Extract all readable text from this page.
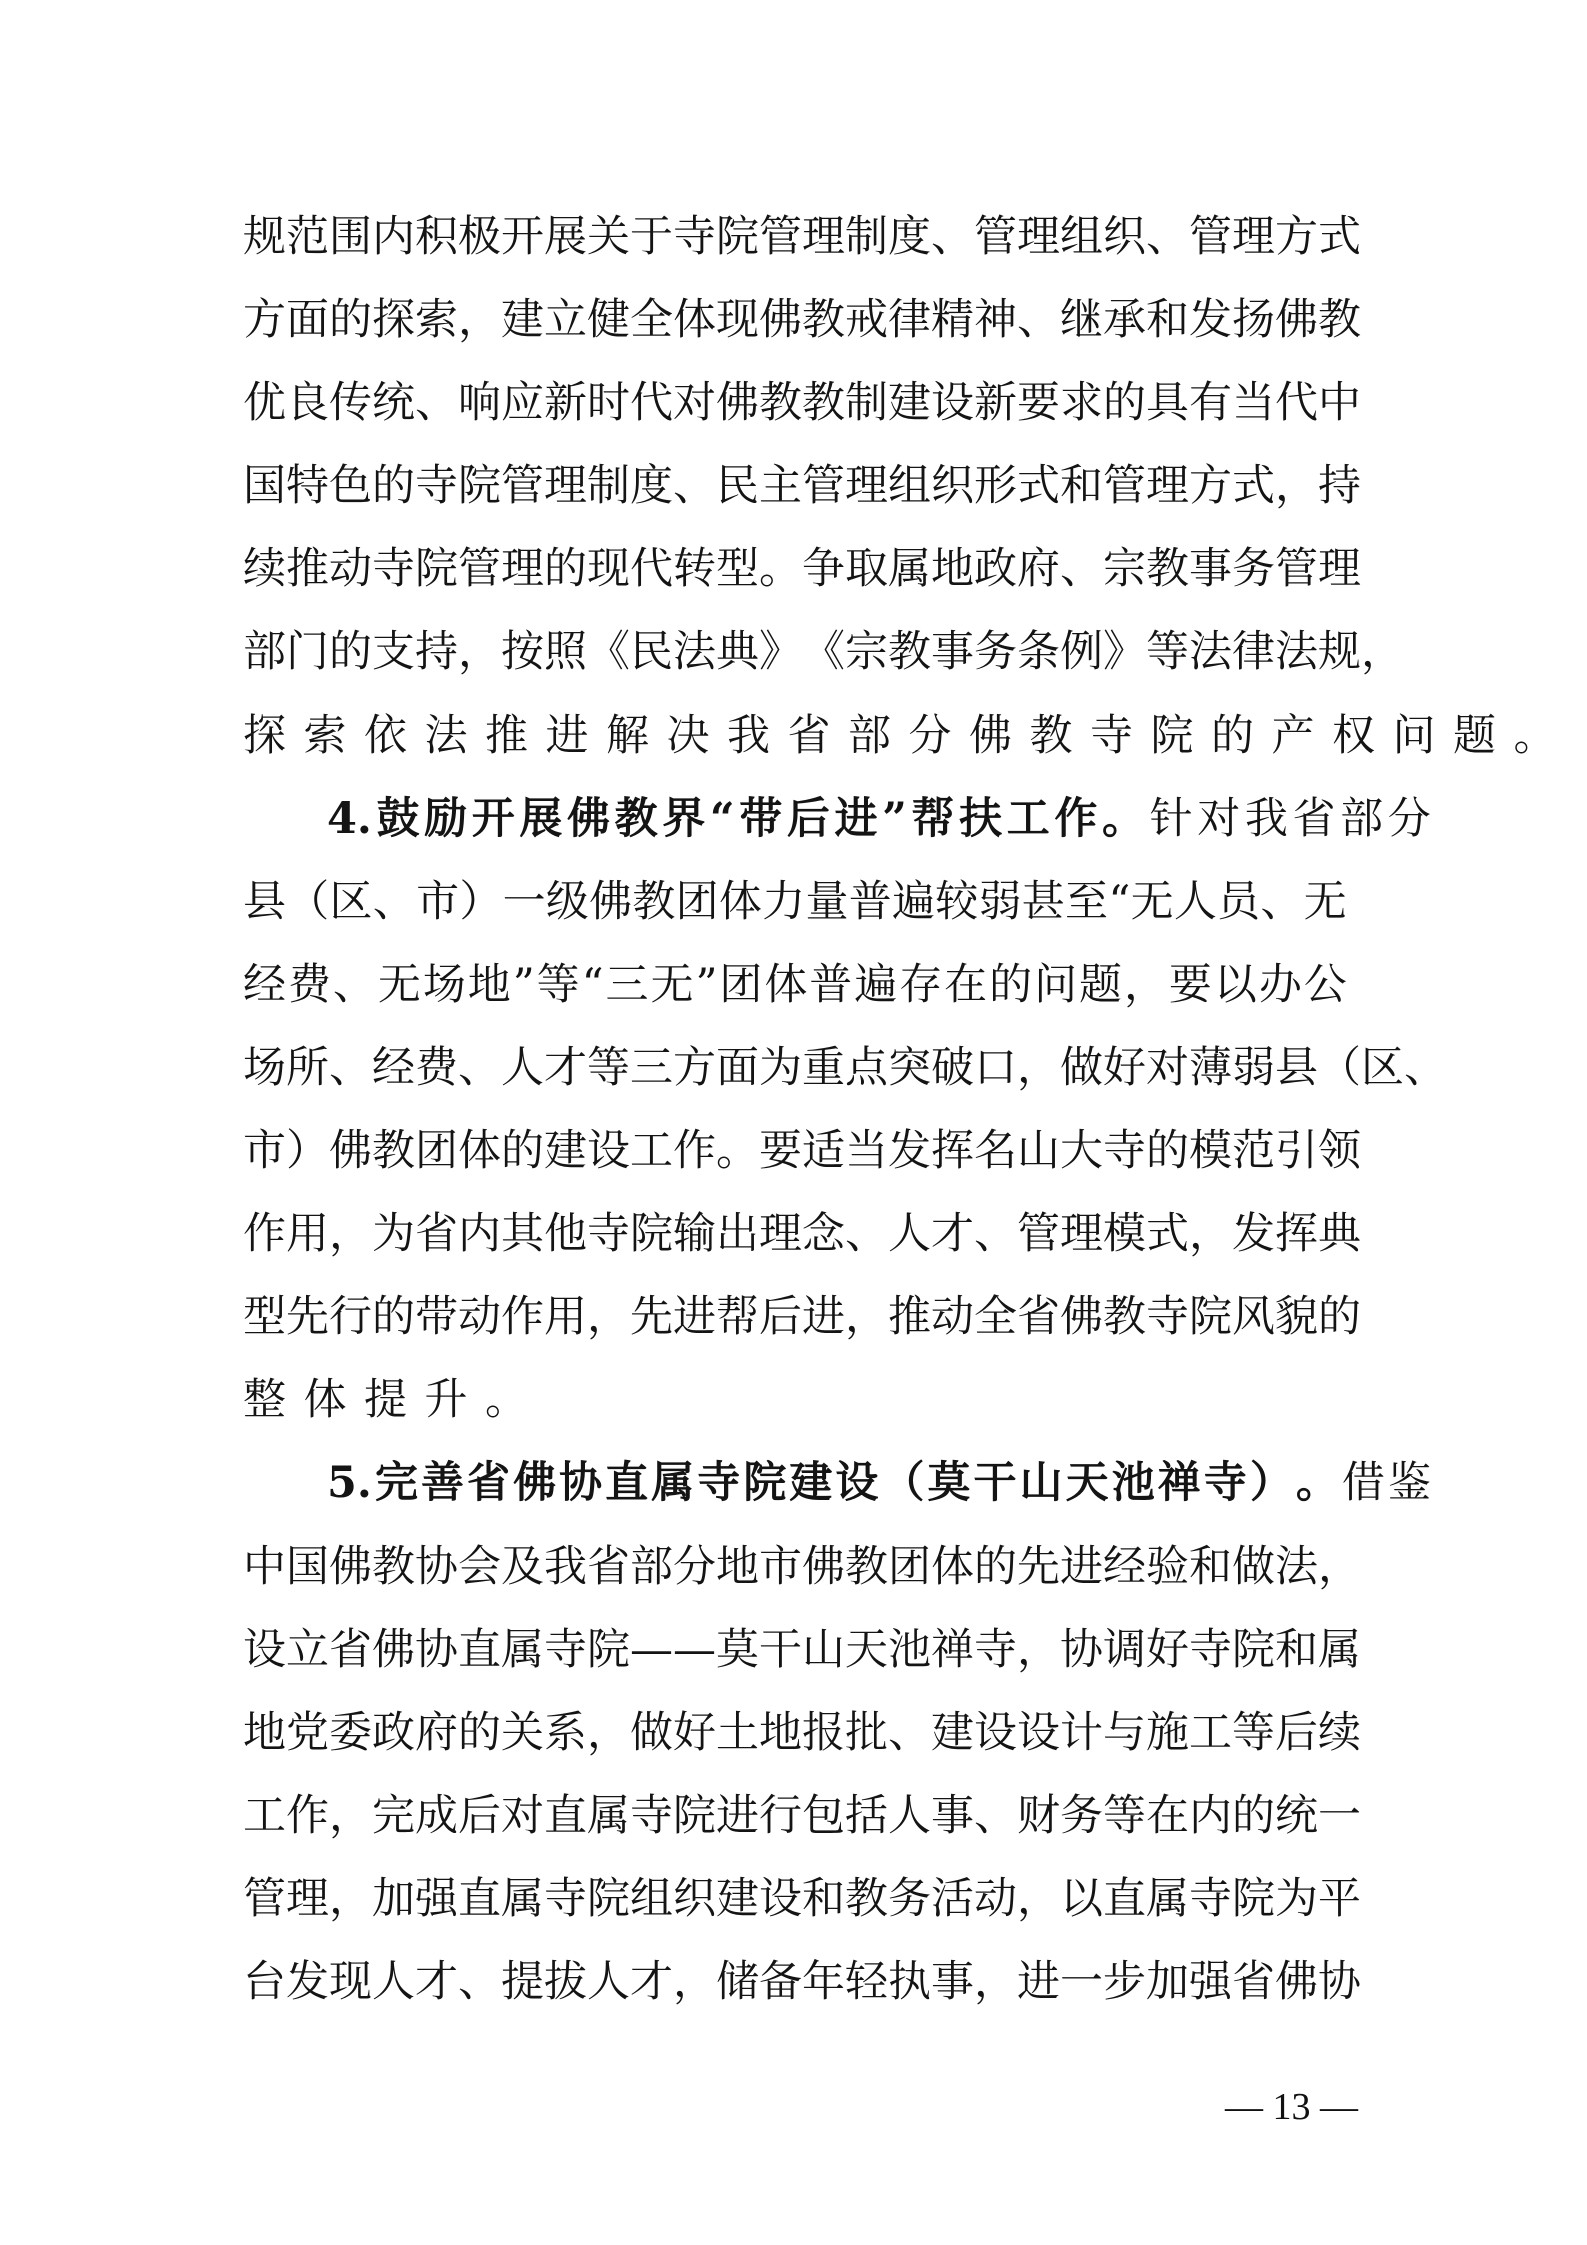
规 范 围 内 积 极 开 展 关 于 寺 院 管 理 制 度 、 管 理 组 织 、 管 理 方 式
方 面 的 探 索 ， 建 立 健 全 体 现 佛 教 戒 律 精 神 、 继 承 和 发 扬 佛 教
优 良 传 统 、 响 应 新 时 代 对 佛 教 教 制 建 设 新 要 求 的 具 有 当 代 中
国 特 色 的 寺 院 管 理 制 度 、 民 主 管 理 组 织 形 式 和 管 理 方 式 ， 持
续 推 动 寺 院 管 理 的 现 代 转 型 。 争 取 属 地 政 府 、 宗 教 事 务 管 理
部 门 的 支 持 ， 按 照 《 民 法 典 》 《 宗 教 事 务 条 例 》 等 法 律 法 规 ，
探索依法推进解决我省部分佛教寺院的产权问题。
4. 鼓 励 开 展 佛 教 界 “ 带 后 进 ” 帮 扶 工 作 。 针 对 我 省 部 分
县 （ 区 、 市 ） 一 级 佛 教 团 体 力 量 普 遍 较 弱 甚 至 “ 无 人 员 、 无
经 费 、 无 场 地 ” 等 “ 三 无 ” 团 体 普 遍 存 在 的 问 题 ， 要 以 办 公
场 所 、 经 费 、 人 才 等 三 方 面 为 重 点 突 破 口 ， 做 好 对 薄 弱 县 （ 区 、
市 ） 佛 教 团 体 的 建 设 工 作 。 要 适 当 发 挥 名 山 大 寺 的 模 范 引 领
作 用 ， 为 省 内 其 他 寺 院 输 出 理 念 、 人 才 、 管 理 模 式 ， 发 挥 典
型 先 行 的 带 动 作 用 ， 先 进 帮 后 进 ， 推 动 全 省 佛 教 寺 院 风 貌 的
整体提升。
5. 完 善 省 佛 协 直 属 寺 院 建 设 （ 莫 干 山 天 池 禅 寺 ） 。 借 鉴
中 国 佛 教 协 会 及 我 省 部 分 地 市 佛 教 团 体 的 先 进 经 验 和 做 法 ，
设 立 省 佛 协 直 属 寺 院 — — 莫 干 山 天 池 禅 寺 ， 协 调 好 寺 院 和 属
地 党 委 政 府 的 关 系 ， 做 好 土 地 报 批 、 建 设 设 计 与 施 工 等 后 续
工 作 ， 完 成 后 对 直 属 寺 院 进 行 包 括 人 事 、 财 务 等 在 内 的 统 一
管 理 ， 加 强 直 属 寺 院 组 织 建 设 和 教 务 活 动 ， 以 直 属 寺 院 为 平
台 发 现 人 才 、 提 拔 人 才 ， 储 备 年 轻 执 事 ， 进 一 步 加 强 省 佛 协
— 13 —
